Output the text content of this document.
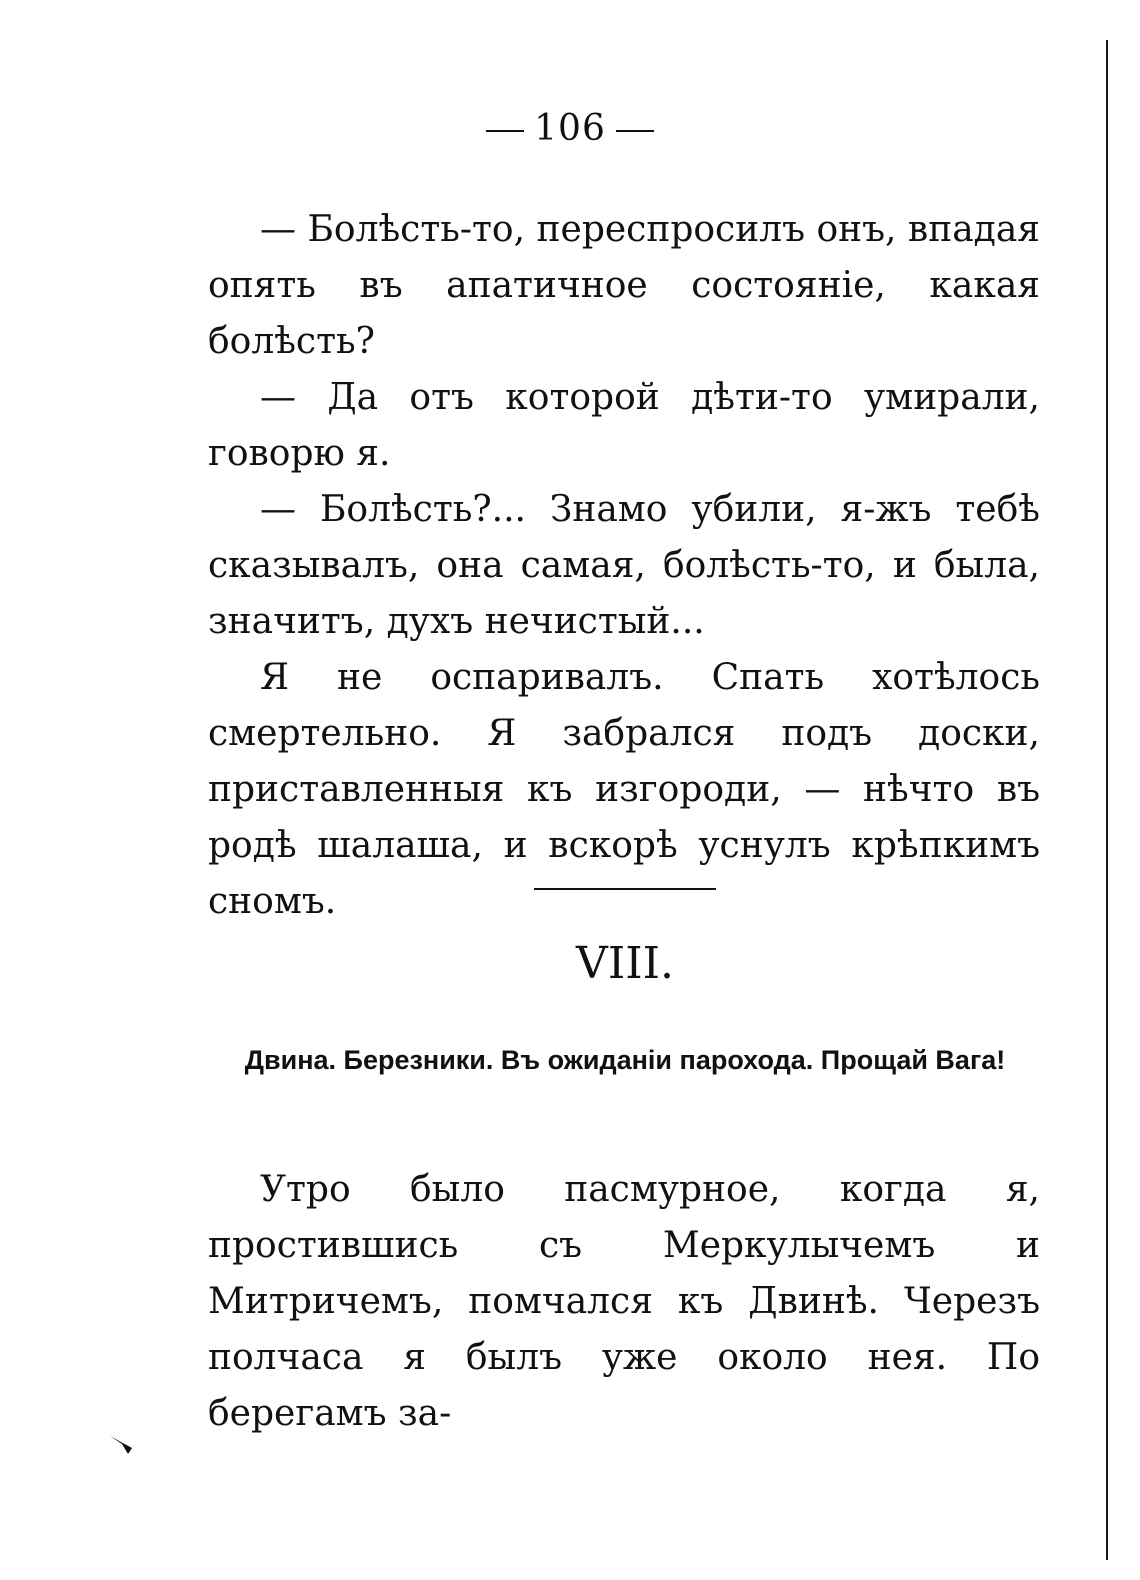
106

— Болѣсть-то, переспросилъ онъ, впадая опять въ апатичное состоянiе, какая болѣсть?

— Да отъ которой дѣти-то умирали, говорю я.

— Болѣсть?... Знамо убили, я-жъ тебѣ сказывалъ, она самая, болѣсть-то, и была, значитъ, духъ нечистый...

Я не оспаривалъ. Спать хотѣлось смертельно. Я забрался подъ доски, приставленныя къ изгороди, — нѣчто въ родѣ шалаша, и вскорѣ уснулъ крѣпкимъ сномъ.

VIII.
Двина. Березники. Въ ожиданiи парохода. Прощай Вага!

Утро было пасмурное, когда я, простившись съ Меркулычемъ и Митричемъ, помчался къ Двинѣ. Черезъ полчаса я былъ уже около нея. По берегамъ за-
